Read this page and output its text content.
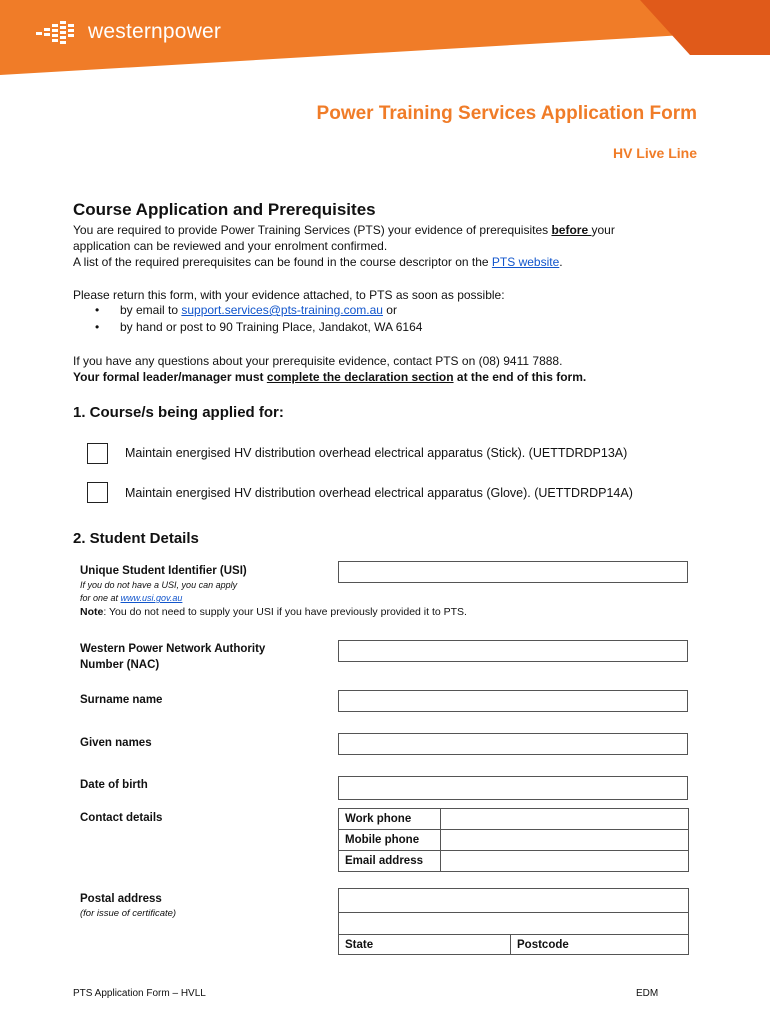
westernpower
Power Training Services Application Form
HV Live Line
Course Application and Prerequisites
You are required to provide Power Training Services (PTS) your evidence of prerequisites before your
application can be reviewed and your enrolment confirmed.
A list of the required prerequisites can be found in the course descriptor on the PTS website.
Please return this form, with your evidence attached, to PTS as soon as possible:
• by email to support.services@pts-training.com.au or
• by hand or post to 90 Training Place, Jandakot, WA 6164
If you have any questions about your prerequisite evidence, contact PTS on (08) 9411 7888.
Your formal leader/manager must complete the declaration section at the end of this form.
1. Course/s being applied for:
Maintain energised HV distribution overhead electrical apparatus (Stick). (UETTDRDP13A)
Maintain energised HV distribution overhead electrical apparatus (Glove). (UETTDRDP14A)
2. Student Details
Unique Student Identifier (USI)
If you do not have a USI, you can apply
for one at www.usi.gov.au
Note: You do not need to supply your USI if you have previously provided it to PTS.
Western Power Network Authority
Number (NAC)
Surname name
Given names
Date of birth
Contact details	Work phone	
Mobile phone	
Email address	
Postal address
(for issue of certificate)

State	Postcode
PTS Application Form – HVLL	EDM
